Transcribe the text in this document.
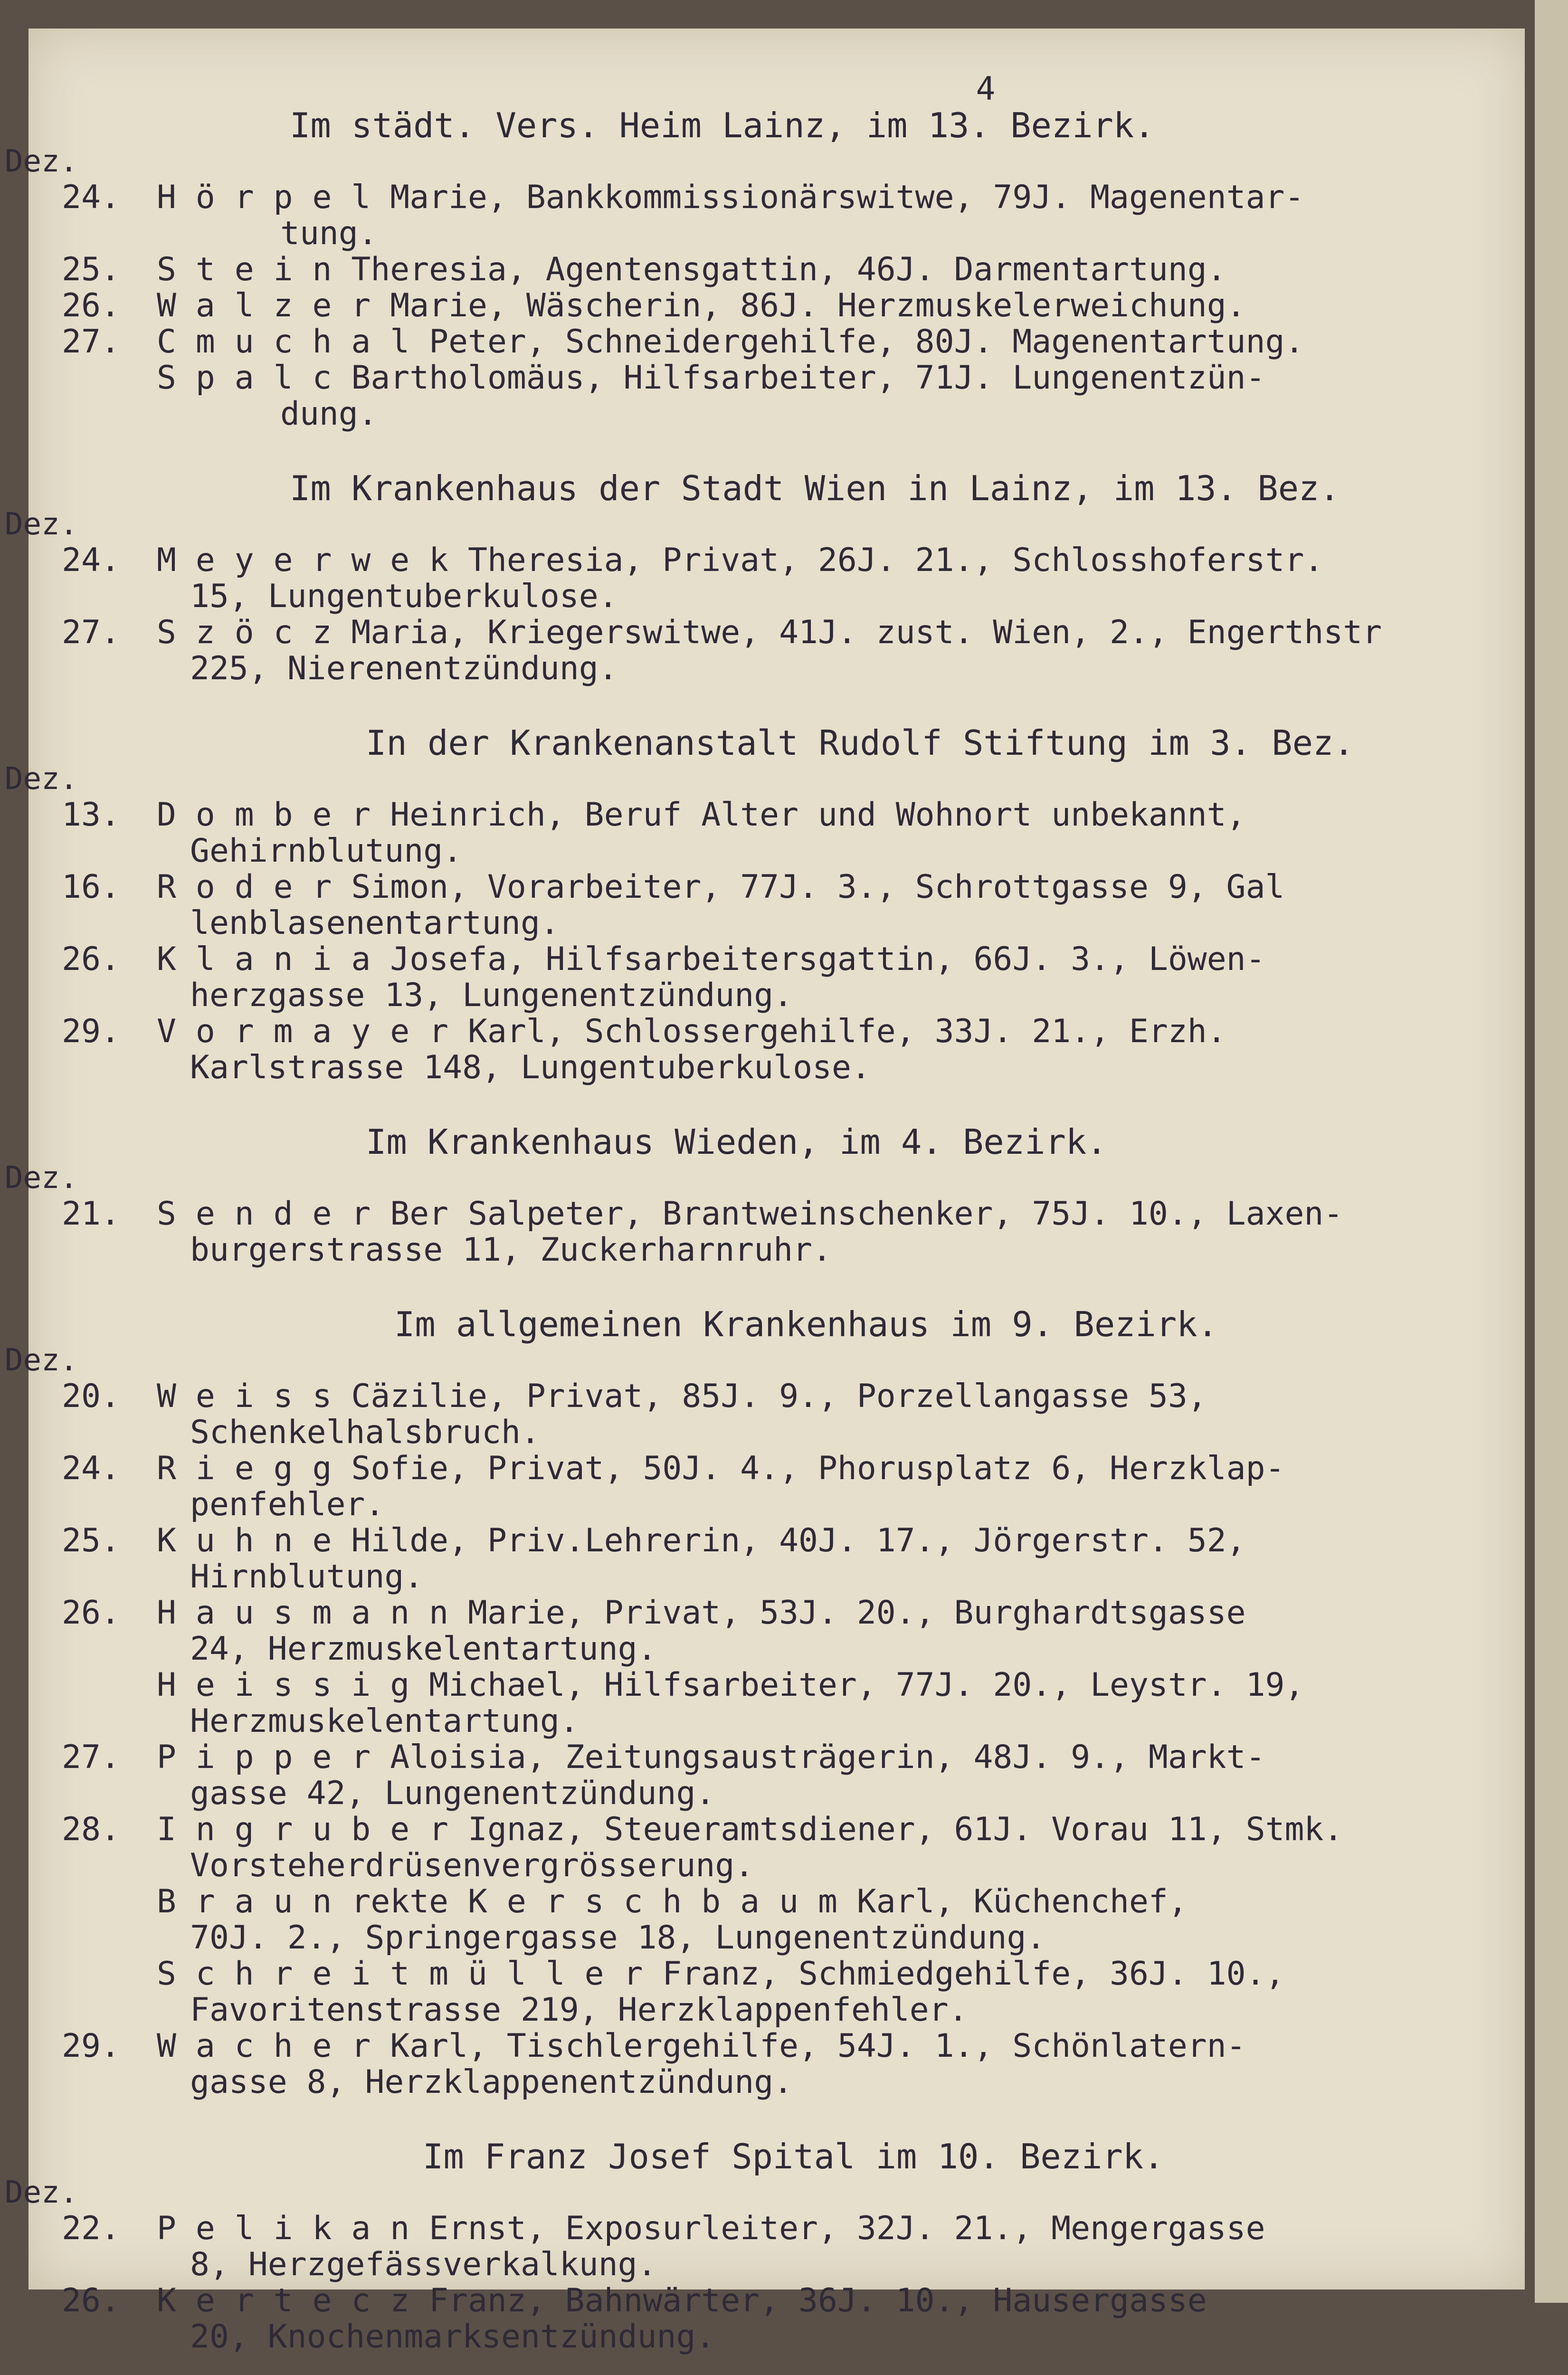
4
Im städt. Vers. Heim Lainz, im 13. Bezirk.
Dez.
24.	H ö r p e l Marie, Bankkommissionärswitwe, 79J. Magenentar-
tung.
25.	S t e i n Theresia, Agentensgattin, 46J. Darmentartung.
26.	W a l z e r Marie, Wäscherin, 86J. Herzmuskelerweichung.
27.	C m u c h a l Peter, Schneidergehilfe, 80J. Magenentartung.
S p a l c Bartholomäus, Hilfsarbeiter, 71J. Lungenentzün-
dung.
Im Krankenhaus der Stadt Wien in Lainz, im 13. Bez.
Dez.
24.	M e y e r w e k Theresia, Privat, 26J. 21., Schlosshoferstr.
15, Lungentuberkulose.
27.	S z ö c z Maria, Kriegerswitwe, 41J. zust. Wien, 2., Engerthstr
225, Nierenentzündung.
In der Krankenanstalt Rudolf Stiftung im 3. Bez.
Dez.
13.	D o m b e r Heinrich, Beruf Alter und Wohnort unbekannt,
Gehirnblutung.
16.	R o d e r Simon, Vorarbeiter, 77J. 3., Schrottgasse 9, Gal
lenblasenentartung.
26.	K l a n i a Josefa, Hilfsarbeitersgattin, 66J. 3., Löwen-
herzgasse 13, Lungenentzündung.
29.	V o r m a y e r Karl, Schlossergehilfe, 33J. 21., Erzh.
Karlstrasse 148, Lungentuberkulose.
Im Krankenhaus Wieden, im 4. Bezirk.
Dez.
21.	S e n d e r Ber Salpeter, Brantweinschenker, 75J. 10., Laxen-
burgerstrasse 11, Zuckerharnruhr.
Im allgemeinen Krankenhaus im 9. Bezirk.
Dez.
20.	W e i s s Cäzilie, Privat, 85J. 9., Porzellangasse 53,
Schenkelhalsbruch.
24.	R i e g g Sofie, Privat, 50J. 4., Phorusplatz 6, Herzklap-
penfehler.
25.	K u h n e Hilde, Priv.Lehrerin, 40J. 17., Jörgerstr. 52,
Hirnblutung.
26.	H a u s m a n n Marie, Privat, 53J. 20., Burghardtsgasse
24, Herzmuskelentartung.
H e i s s i g Michael, Hilfsarbeiter, 77J. 20., Leystr. 19,
Herzmuskelentartung.
27.	P i p p e r Aloisia, Zeitungsausträgerin, 48J. 9., Markt-
gasse 42, Lungenentzündung.
28.	I n g r u b e r Ignaz, Steueramtsdiener, 61J. Vorau 11, Stmk.
Vorsteherdrüsenvergrösserung.
B r a u n rekte K e r s c h b a u m Karl, Küchenchef,
70J. 2., Springergasse 18, Lungenentzündung.
S c h r e i t m ü l l e r Franz, Schmiedgehilfe, 36J. 10.,
Favoritenstrasse 219, Herzklappenfehler.
29.	W a c h e r Karl, Tischlergehilfe, 54J. 1., Schönlatern-
gasse 8, Herzklappenentzündung.
Im Franz Josef Spital im 10. Bezirk.
Dez.
22.	P e l i k a n Ernst, Exposurleiter, 32J. 21., Mengergasse
8, Herzgefässverkalkung.
26.	K e r t e c z Franz, Bahnwärter, 36J. 10., Hausergasse
20, Knochenmarksentzündung.
